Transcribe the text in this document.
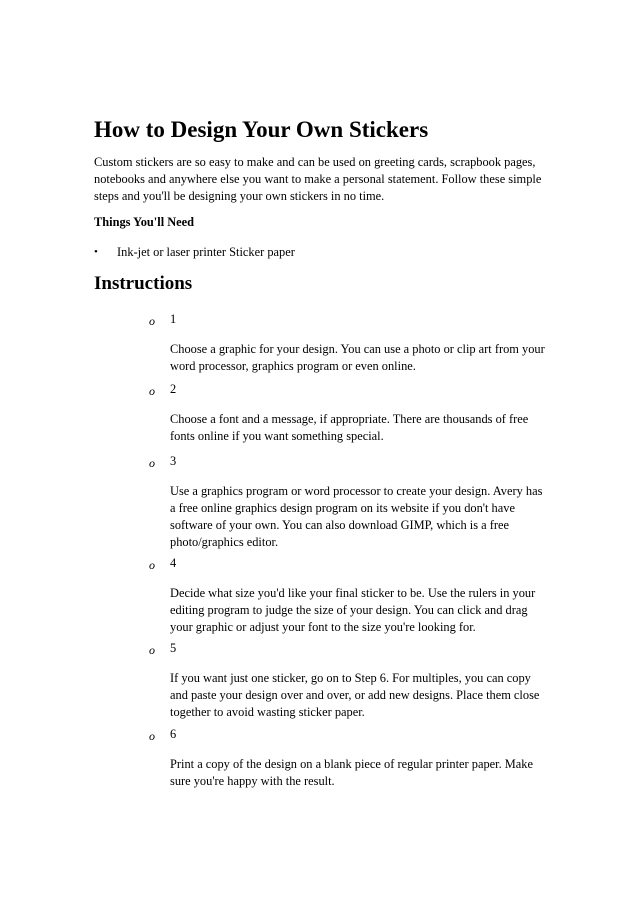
How to Design Your Own Stickers

Custom stickers are so easy to make and can be used on greeting cards, scrapbook pages, notebooks and anywhere else you want to make a personal statement. Follow these simple steps and you'll be designing your own stickers in no time.

Things You'll Need

•	Ink-jet or laser printer Sticker paper
Instructions
o 1

Choose a graphic for your design. You can use a photo or clip art from your word processor, graphics program or even online.

o 2

Choose a font and a message, if appropriate. There are thousands of free fonts online if you want something special.

o 3

Use a graphics program or word processor to create your design. Avery has a free online graphics design program on its website if you don't have software of your own. You can also download GIMP, which is a free photo/graphics editor.

o 4

Decide what size you'd like your final sticker to be. Use the rulers in your editing program to judge the size of your design. You can click and drag your graphic or adjust your font to the size you're looking for.

o 5

If you want just one sticker, go on to Step 6. For multiples, you can copy and paste your design over and over, or add new designs. Place them close together to avoid wasting sticker paper.

o 6

Print a copy of the design on a blank piece of regular printer paper. Make sure you're happy with the result.
